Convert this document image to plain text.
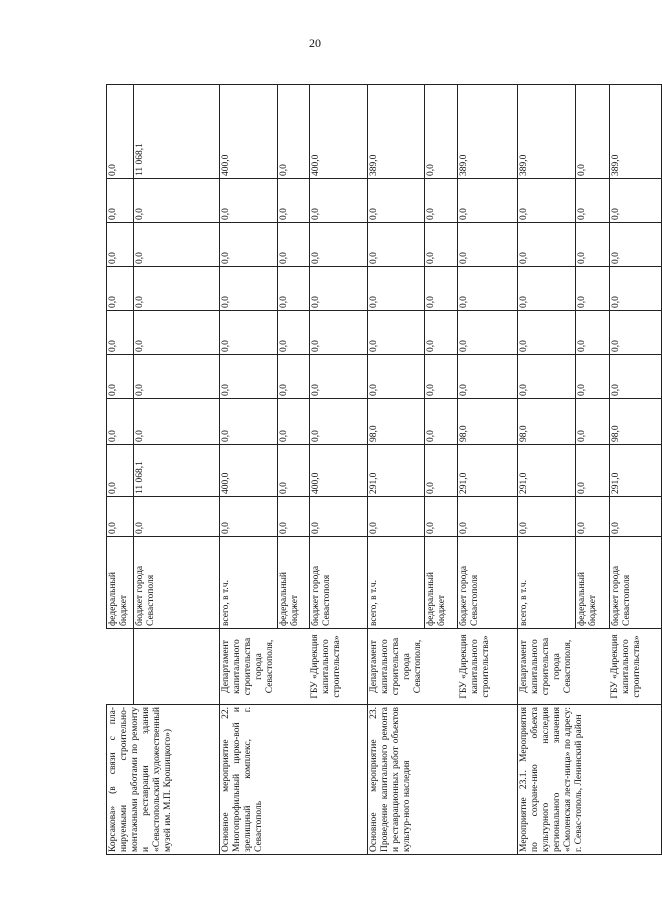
20
Корсакова» (в связи с пла-нируемыми строительно-монтажными работами по ремонту и реставрации здания «Севастопольский художественный музей им. М.П. Крошицкого»)		федеральный бюджет	0,0	0,0	0,0	0,0	0,0	0,0	0,0	0,0	0,0
		бюджет города Севастополя	0,0	11 068,1	0,0	0,0	0,0	0,0	0,0	0,0	11 068,1
Основное мероприятие 22. Многопрофильный цирко-вой и зрелищный комплекс, г. Севастополь	Департамент капитального строительства города Севастополя,	всего, в т.ч.	0,0	400,0	0,0	0,0	0,0	0,0	0,0	0,0	400,0
		федеральный бюджет	0,0	0,0	0,0	0,0	0,0	0,0	0,0	0,0	0,0
	ГБУ «Дирекция капитального строительства»	бюджет города Севастополя	0,0	400,0	0,0	0,0	0,0	0,0	0,0	0,0	400,0
Основное мероприятие 23. Проведение капитального ремонта и реставрационных работ объектов культур-ного наследия	Департамент капитального строительства города Севастополя,	всего, в т.ч.	0,0	291,0	98,0	0,0	0,0	0,0	0,0	0,0	389,0
		федеральный бюджет	0,0	0,0	0,0	0,0	0,0	0,0	0,0	0,0	0,0
	ГБУ «Дирекция капитального строительства»	бюджет города Севастополя	0,0	291,0	98,0	0,0	0,0	0,0	0,0	0,0	389,0
Мероприятие 23.1. Мероприятия по сохране-нию объекта культурного наследия регионального значения «Смоленская лест-ница» по адресу: г. Севас-тополь, Ленинский район	Департамент капитального строительства города Севастополя,	всего, в т.ч.	0,0	291,0	98,0	0,0	0,0	0,0	0,0	0,0	389,0
		федеральный бюджет	0,0	0,0	0,0	0,0	0,0	0,0	0,0	0,0	0,0
	ГБУ «Дирекция капитального строительства»	бюджет города Севастополя	0,0	291,0	98,0	0,0	0,0	0,0	0,0	0,0	389,0
